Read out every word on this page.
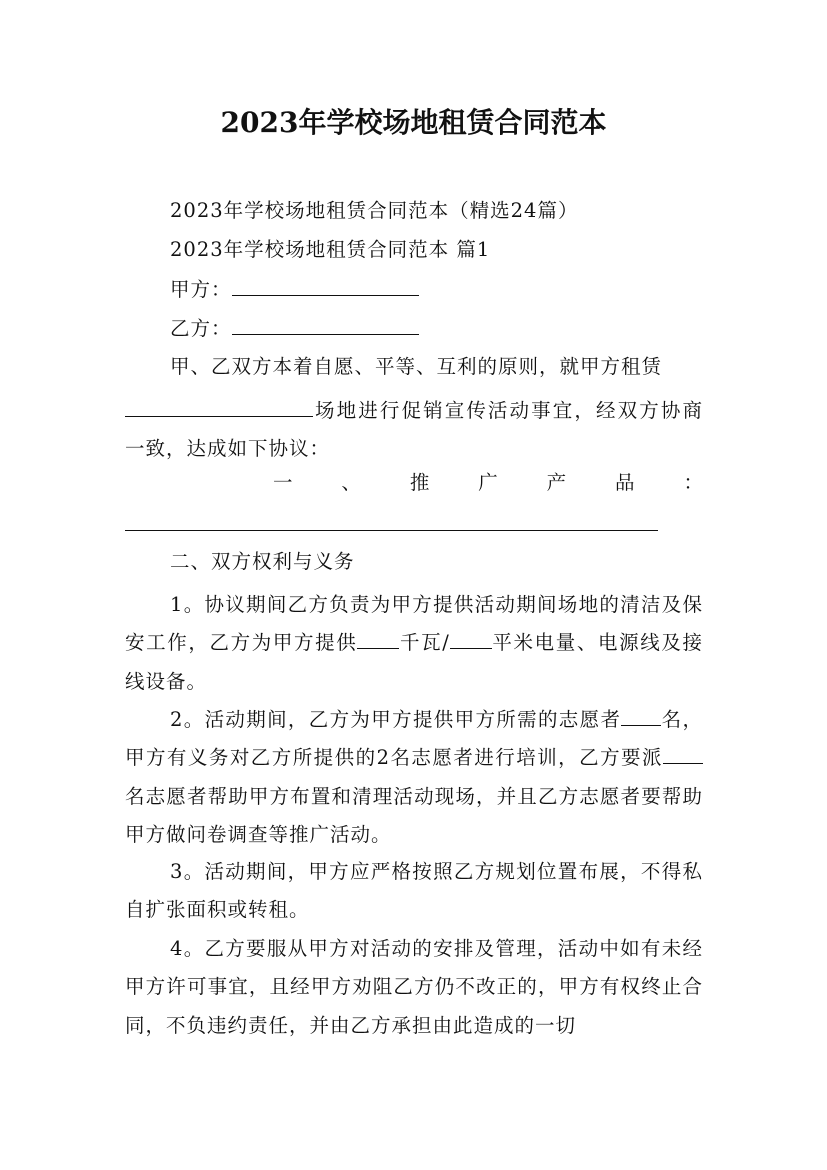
2023年学校场地租赁合同范本
2023年学校场地租赁合同范本（精选24篇）
2023年学校场地租赁合同范本 篇1
甲方：
乙方：
甲、乙双方本着自愿、平等、互利的原则，就甲方租赁

场地进行促销宣传活动事宜，经双方协商一致，达成如下协议：

一	、	推	广	产	品	：
二、双方权利与义务

1。协议期间乙方负责为甲方提供活动期间场地的清洁及保安工作，乙方为甲方提供 千瓦/ 平米电量、电源线及接线设备。

2。活动期间，乙方为甲方提供甲方所需的志愿者 名，甲方有义务对乙方所提供的2名志愿者进行培训，乙方要派名志愿者帮助甲方布置和清理活动现场，并且乙方志愿者要帮助甲方做问卷调查等推广活动。

3。活动期间，甲方应严格按照乙方规划位置布展，不得私自扩张面积或转租。

4。乙方要服从甲方对活动的安排及管理，活动中如有未经甲方许可事宜，且经甲方劝阻乙方仍不改正的，甲方有权终止合同，不负违约责任，并由乙方承担由此造成的一切
